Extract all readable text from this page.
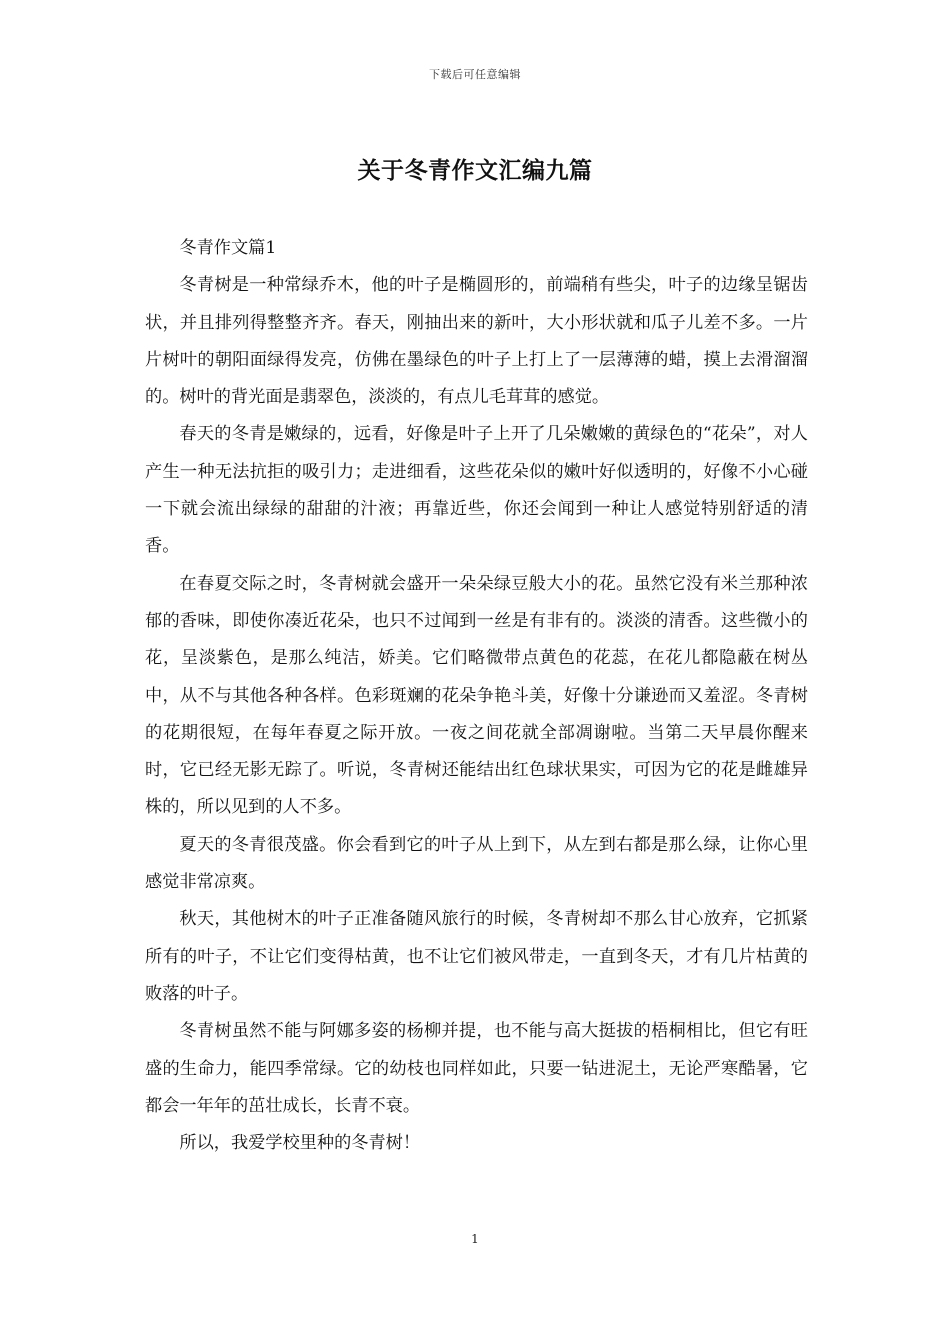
下载后可任意编辑
关于冬青作文汇编九篇

冬青作文篇1

冬青树是一种常绿乔木，他的叶子是椭圆形的，前端稍有些尖，叶子的边缘呈锯齿状，并且排列得整整齐齐。春天，刚抽出来的新叶，大小形状就和瓜子儿差不多。一片片树叶的朝阳面绿得发亮，仿佛在墨绿色的叶子上打上了一层薄薄的蜡，摸上去滑溜溜的。树叶的背光面是翡翠色，淡淡的，有点儿毛茸茸的感觉。

春天的冬青是嫩绿的，远看，好像是叶子上开了几朵嫩嫩的黄绿色的“花朵”，对人产生一种无法抗拒的吸引力；走进细看，这些花朵似的嫩叶好似透明的，好像不小心碰一下就会流出绿绿的甜甜的汁液；再靠近些，你还会闻到一种让人感觉特别舒适的清香。

在春夏交际之时，冬青树就会盛开一朵朵绿豆般大小的花。虽然它没有米兰那种浓郁的香味，即使你凑近花朵，也只不过闻到一丝是有非有的。淡淡的清香。这些微小的花，呈淡紫色，是那么纯洁，娇美。它们略微带点黄色的花蕊，在花儿都隐蔽在树丛中，从不与其他各种各样。色彩斑斓的花朵争艳斗美，好像十分谦逊而又羞涩。冬青树的花期很短，在每年春夏之际开放。一夜之间花就全部凋谢啦。当第二天早晨你醒来时，它已经无影无踪了。听说，冬青树还能结出红色球状果实，可因为它的花是雌雄异株的，所以见到的人不多。

夏天的冬青很茂盛。你会看到它的叶子从上到下，从左到右都是那么绿，让你心里感觉非常凉爽。

秋天，其他树木的叶子正准备随风旅行的时候，冬青树却不那么甘心放弃，它抓紧所有的叶子，不让它们变得枯黄，也不让它们被风带走，一直到冬天，才有几片枯黄的败落的叶子。

冬青树虽然不能与阿娜多姿的杨柳并提，也不能与高大挺拔的梧桐相比，但它有旺盛的生命力，能四季常绿。它的幼枝也同样如此，只要一钻进泥土，无论严寒酷暑，它都会一年年的茁壮成长，长青不衰。

所以，我爱学校里种的冬青树！

1
